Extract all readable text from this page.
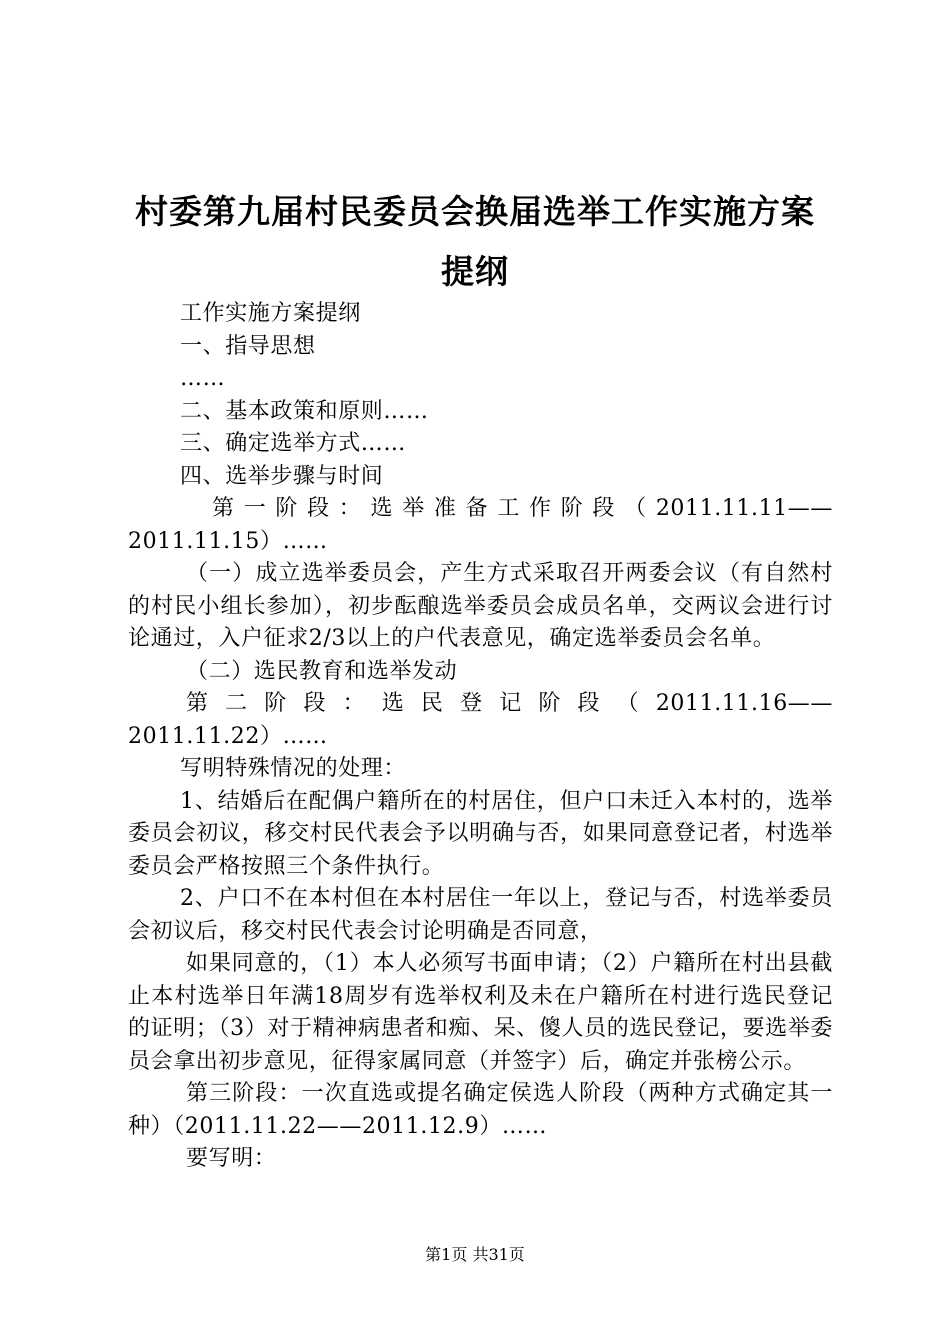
村委第九届村民委员会换届选举工作实施方案
提纲

工作实施方案提纲

一、指导思想

……

二、基本政策和原则……

三、确定选举方式……

四、选举步骤与时间

第一阶段：选举准备工作阶段（2011.11.11——2011.11.15）……

（一）成立选举委员会，产生方式采取召开两委会议（有自然村的村民小组长参加），初步酝酿选举委员会成员名单，交两议会进行讨论通过，入户征求2/3以上的户代表意见，确定选举委员会名单。

（二）选民教育和选举发动

第二阶段：选民登记阶段（2011.11.16——2011.11.22）……

写明特殊情况的处理：

1、结婚后在配偶户籍所在的村居住，但户口未迁入本村的，选举委员会初议，移交村民代表会予以明确与否，如果同意登记者，村选举委员会严格按照三个条件执行。

2、户口不在本村但在本村居住一年以上，登记与否，村选举委员会初议后，移交村民代表会讨论明确是否同意，

如果同意的，（1）本人必须写书面申请；（2）户籍所在村出县截止本村选举日年满18周岁有选举权利及未在户籍所在村进行选民登记的证明；（3）对于精神病患者和痴、呆、傻人员的选民登记，要选举委员会拿出初步意见，征得家属同意（并签字）后，确定并张榜公示。

第三阶段：一次直选或提名确定侯选人阶段（两种方式确定其一种）（2011.11.22——2011.12.9）……

要写明：

第1页 共31页
